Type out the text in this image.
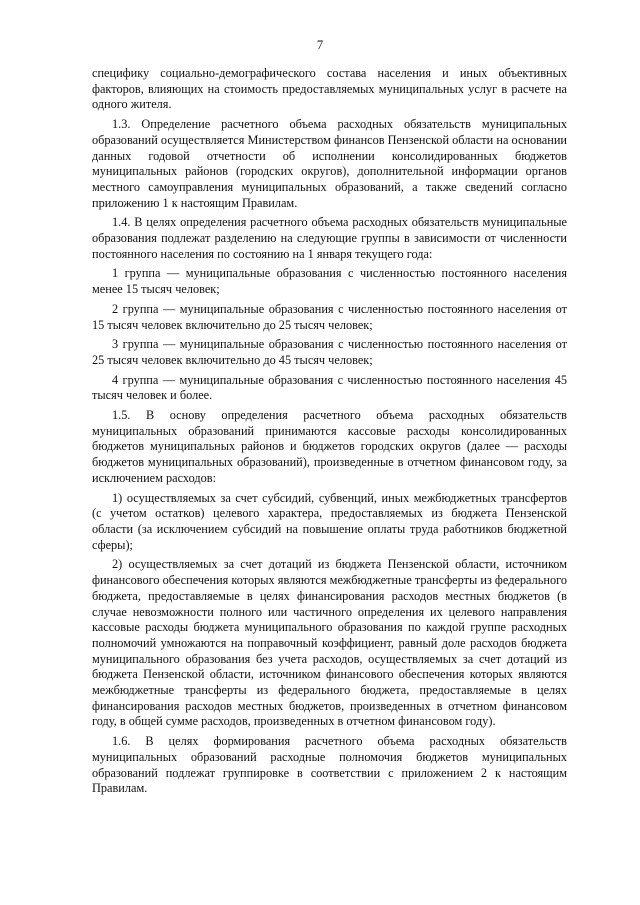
7

специфику социально-демографического состава населения и иных объективных факторов, влияющих на стоимость предоставляемых муниципальных услуг в расчете на одного жителя.

1.3. Определение расчетного объема расходных обязательств муниципальных образований осуществляется Министерством финансов Пензенской области на основании данных годовой отчетности об исполнении консолидированных бюджетов муниципальных районов (городских округов), дополнительной информации органов местного самоуправления муниципальных образований, а также сведений согласно приложению 1 к настоящим Правилам.

1.4. В целях определения расчетного объема расходных обязательств муниципальные образования подлежат разделению на следующие группы в зависимости от численности постоянного населения по состоянию на 1 января текущего года:

1 группа — муниципальные образования с численностью постоянного населения менее 15 тысяч человек;

2 группа — муниципальные образования с численностью постоянного населения от 15 тысяч человек включительно до 25 тысяч человек;

3 группа — муниципальные образования с численностью постоянного населения от 25 тысяч человек включительно до 45 тысяч человек;

4 группа — муниципальные образования с численностью постоянного населения 45 тысяч человек и более.

1.5. В основу определения расчетного объема расходных обязательств муниципальных образований принимаются кассовые расходы консолидированных бюджетов муниципальных районов и бюджетов городских округов (далее — расходы бюджетов муниципальных образований), произведенные в отчетном финансовом году, за исключением расходов:

1) осуществляемых за счет субсидий, субвенций, иных межбюджетных трансфертов (с учетом остатков) целевого характера, предоставляемых из бюджета Пензенской области (за исключением субсидий на повышение оплаты труда работников бюджетной сферы);

2) осуществляемых за счет дотаций из бюджета Пензенской области, источником финансового обеспечения которых являются межбюджетные трансферты из федерального бюджета, предоставляемые в целях финансирования расходов местных бюджетов (в случае невозможности полного или частичного определения их целевого направления кассовые расходы бюджета муниципального образования по каждой группе расходных полномочий умножаются на поправочный коэффициент, равный доле расходов бюджета муниципального образования без учета расходов, осуществляемых за счет дотаций из бюджета Пензенской области, источником финансового обеспечения которых являются межбюджетные трансферты из федерального бюджета, предоставляемые в целях финансирования расходов местных бюджетов, произведенных в отчетном финансовом году, в общей сумме расходов, произведенных в отчетном финансовом году).

1.6. В целях формирования расчетного объема расходных обязательств муниципальных образований расходные полномочия бюджетов муниципальных образований подлежат группировке в соответствии с приложением 2 к настоящим Правилам.
